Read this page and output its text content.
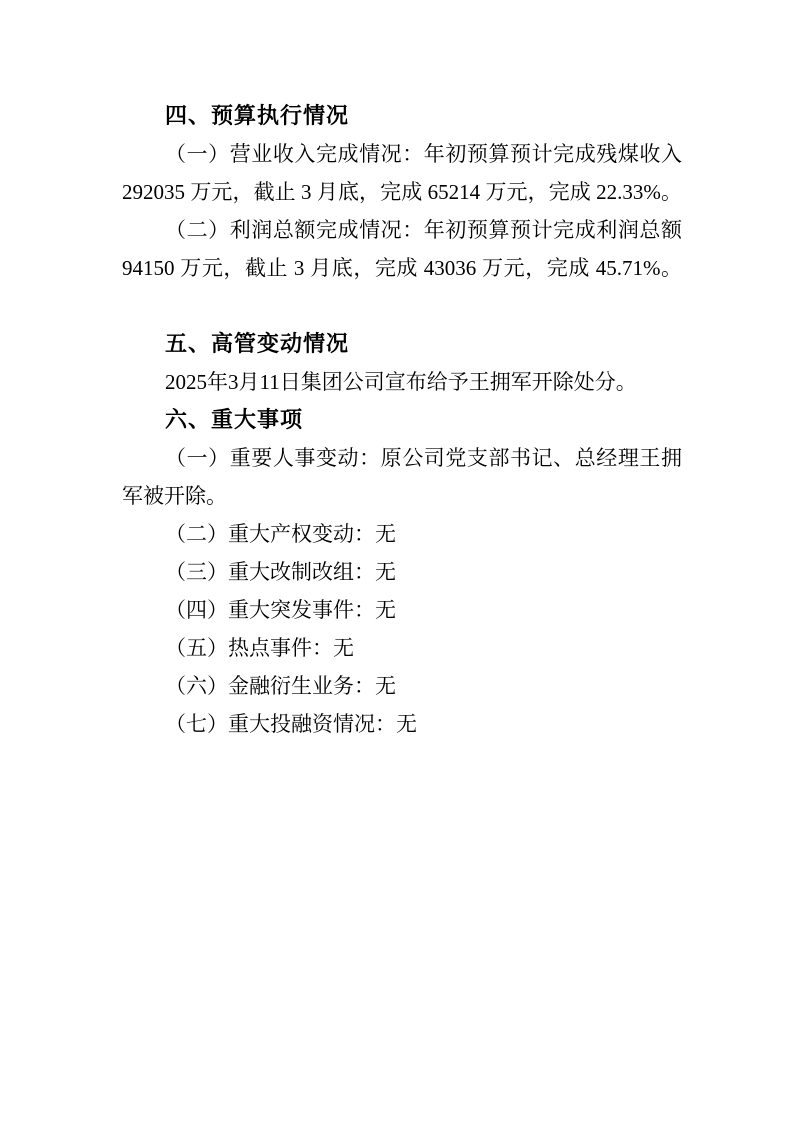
四、预算执行情况
（一）营业收入完成情况：年初预算预计完成残煤收入
292035 万元，截止 3 月底，完成 65214 万元，完成 22.33%。
（二）利润总额完成情况：年初预算预计完成利润总额
94150 万元，截止 3 月底，完成 43036 万元，完成 45.71%。
五、高管变动情况
2025年3月11日集团公司宣布给予王拥军开除处分。
六、重大事项
（一）重要人事变动：原公司党支部书记、总经理王拥
军被开除。
（二）重大产权变动：无
（三）重大改制改组：无
（四）重大突发事件：无
（五）热点事件：无
（六）金融衍生业务：无
（七）重大投融资情况：无
